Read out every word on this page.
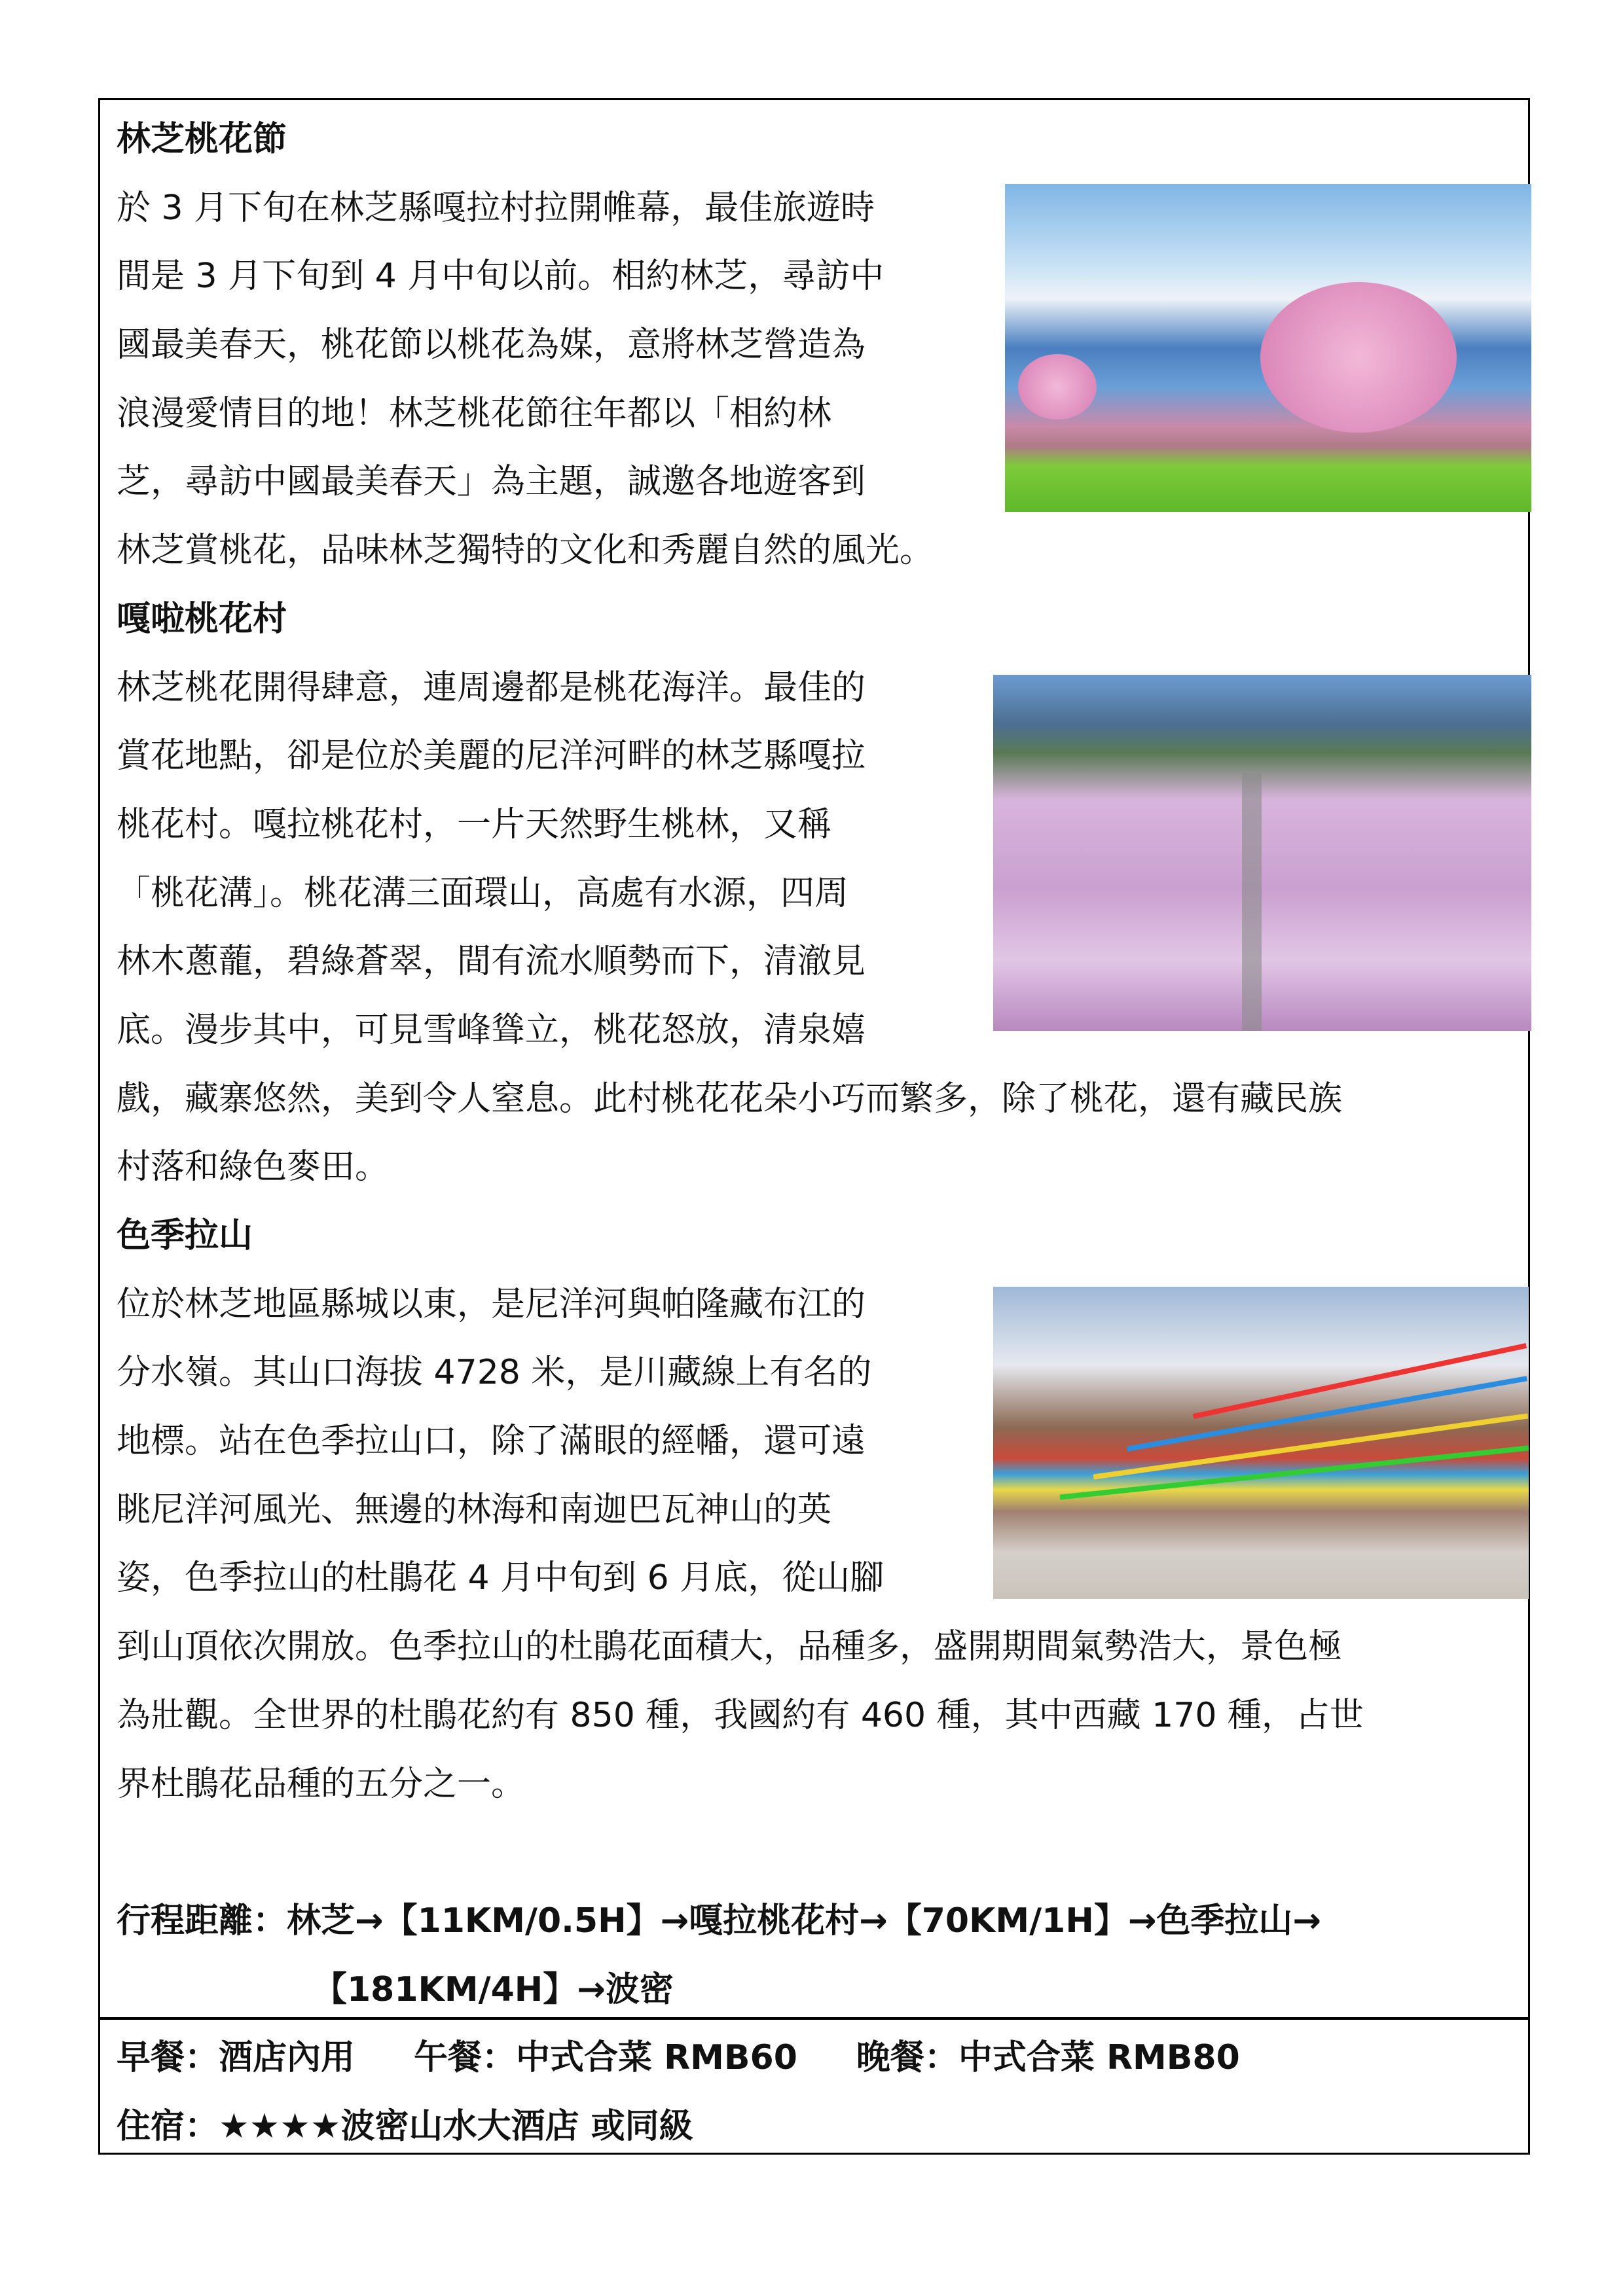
林芝桃花節
於 3 月下旬在林芝縣嘎拉村拉開帷幕，最佳旅遊時
間是 3 月下旬到 4 月中旬以前。相約林芝，尋訪中
國最美春天，桃花節以桃花為媒，意將林芝營造為
浪漫愛情目的地！林芝桃花節往年都以「相約林
芝，尋訪中國最美春天」為主題，誠邀各地遊客到
林芝賞桃花，品味林芝獨特的文化和秀麗自然的風光。
嘎啦桃花村
林芝桃花開得肆意，連周邊都是桃花海洋。最佳的
賞花地點，卻是位於美麗的尼洋河畔的林芝縣嘎拉
桃花村。嘎拉桃花村，一片天然野生桃林，又稱
「桃花溝」。桃花溝三面環山，高處有水源，四周
林木蔥蘢，碧綠蒼翠，間有流水順勢而下，清澈見
底。漫步其中，可見雪峰聳立，桃花怒放，清泉嬉
戲，藏寨悠然，美到令人窒息。此村桃花花朵小巧而繁多，除了桃花，還有藏民族
村落和綠色麥田。
色季拉山
位於林芝地區縣城以東，是尼洋河與帕隆藏布江的
分水嶺。其山口海拔 4728 米，是川藏線上有名的
地標。站在色季拉山口，除了滿眼的經幡，還可遠
眺尼洋河風光、無邊的林海和南迦巴瓦神山的英
姿，色季拉山的杜鵑花 4 月中旬到 6 月底，從山腳
到山頂依次開放。色季拉山的杜鵑花面積大，品種多，盛開期間氣勢浩大，景色極
為壯觀。全世界的杜鵑花約有 850 種，我國約有 460 種，其中西藏 170 種，占世
界杜鵑花品種的五分之一。
行程距離：林芝→【11KM/0.5H】→嘎拉桃花村→【70KM/1H】→色季拉山→
【181KM/4H】→波密
早餐：酒店內用 午餐：中式合菜 RMB60 晚餐：中式合菜 RMB80
住宿：★★★★波密山水大酒店 或同級
